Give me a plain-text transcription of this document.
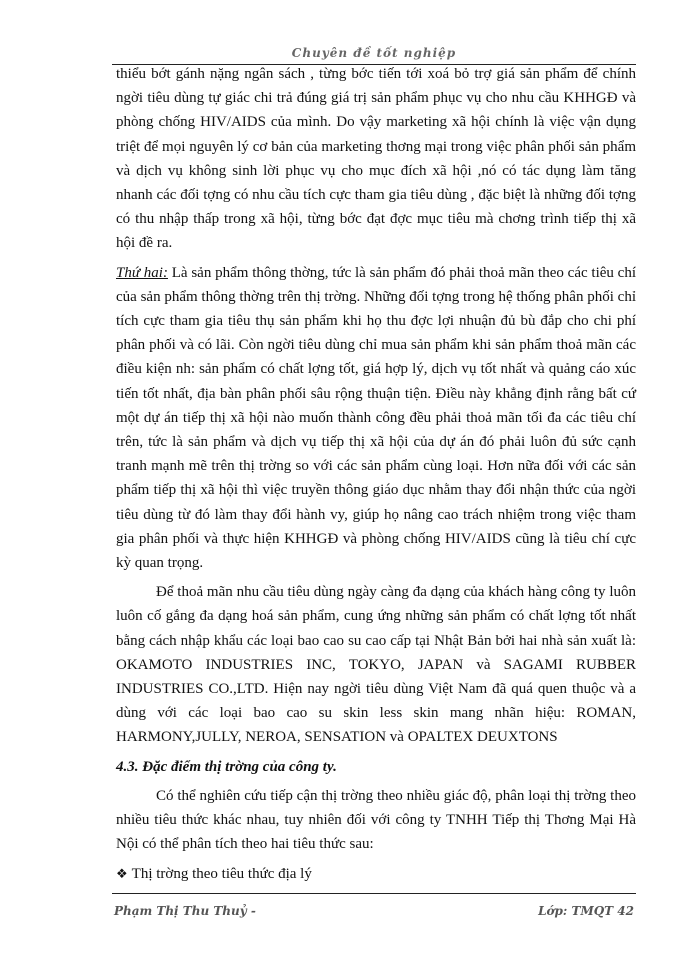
Chuyên đề tốt nghiệp

thiểu bớt gánh nặng ngân sách , từng bớc tiến tới xoá bỏ trợ giá sản phẩm để chính ngời tiêu dùng tự giác chi trả đúng giá trị sản phẩm phục vụ cho nhu cầu KHHGĐ và phòng chống HIV/AIDS của mình. Do vậy marketing xã hội chính là việc vận dụng triệt để mọi nguyên lý cơ bản của marketing thơng mại trong việc phân phối sản phẩm và dịch vụ không sinh lời phục vụ cho mục đích xã hội ,nó có tác dụng làm tăng nhanh các đối tợng có nhu cầu tích cực tham gia tiêu dùng , đặc biệt là những đối tợng có thu nhập thấp trong xã hội, từng bớc đạt đợc mục tiêu mà chơng trình tiếp thị xã hội đề ra.

Thứ hai: Là sản phẩm thông thờng, tức là sản phẩm đó phải thoả mãn theo các tiêu chí của sản phẩm thông thờng trên thị trờng. Những đối tợng trong hệ thống phân phối chỉ tích cực tham gia tiêu thụ sản phẩm khi họ thu đợc lợi nhuận đủ bù đắp cho chi phí phân phối và có lãi. Còn ngời tiêu dùng chỉ mua sản phẩm khi sản phẩm thoả mãn các điều kiện nh: sản phẩm có chất lợng tốt, giá hợp lý, dịch vụ tốt nhất và quảng cáo xúc tiến tốt nhất, địa bàn phân phối sâu rộng thuận tiện. Điều này khẳng định rằng bất cứ một dự án tiếp thị xã hội nào muốn thành công đều phải thoả mãn tối đa các tiêu chí trên, tức là sản phẩm và dịch vụ tiếp thị xã hội của dự án đó phải luôn đủ sức cạnh tranh mạnh mẽ trên thị trờng so với các sản phẩm cùng loại. Hơn nữa đối với các sản phẩm tiếp thị xã hội thì việc truyền thông giáo dục nhằm thay đổi nhận thức của ngời tiêu dùng từ đó làm thay đổi hành vy, giúp họ nâng cao trách nhiệm trong việc tham gia phân phối và thực hiện KHHGĐ và phòng chống HIV/AIDS cũng là tiêu chí cực kỳ quan trọng.

Để thoả mãn nhu cầu tiêu dùng ngày càng đa dạng của khách hàng công ty luôn luôn cố gắng đa dạng hoá sản phẩm, cung ứng những sản phẩm có chất lợng tốt nhất bằng cách nhập khẩu các loại bao cao su cao cấp tại Nhật Bản bởi hai nhà sản xuất là: OKAMOTO INDUSTRIES INC, TOKYO, JAPAN và SAGAMI RUBBER INDUSTRIES CO.,LTD. Hiện nay ngời tiêu dùng Việt Nam đã quá quen thuộc và a dùng với các loại bao cao su skin less skin mang nhãn hiệu: ROMAN, HARMONY,JULLY, NEROA, SENSATION và OPALTEX DEUXTONS

4.3. Đặc điểm thị trờng của công ty.

Có thể nghiên cứu tiếp cận thị trờng theo nhiều giác độ, phân loại thị trờng theo nhiều tiêu thức khác nhau, tuy nhiên đối với công ty TNHH Tiếp thị Thơng Mại Hà Nội có thể phân tích theo hai tiêu thức sau:

❖ Thị trờng theo tiêu thức địa lý

Phạm Thị Thu Thuỷ -	Lớp: TMQT 42
